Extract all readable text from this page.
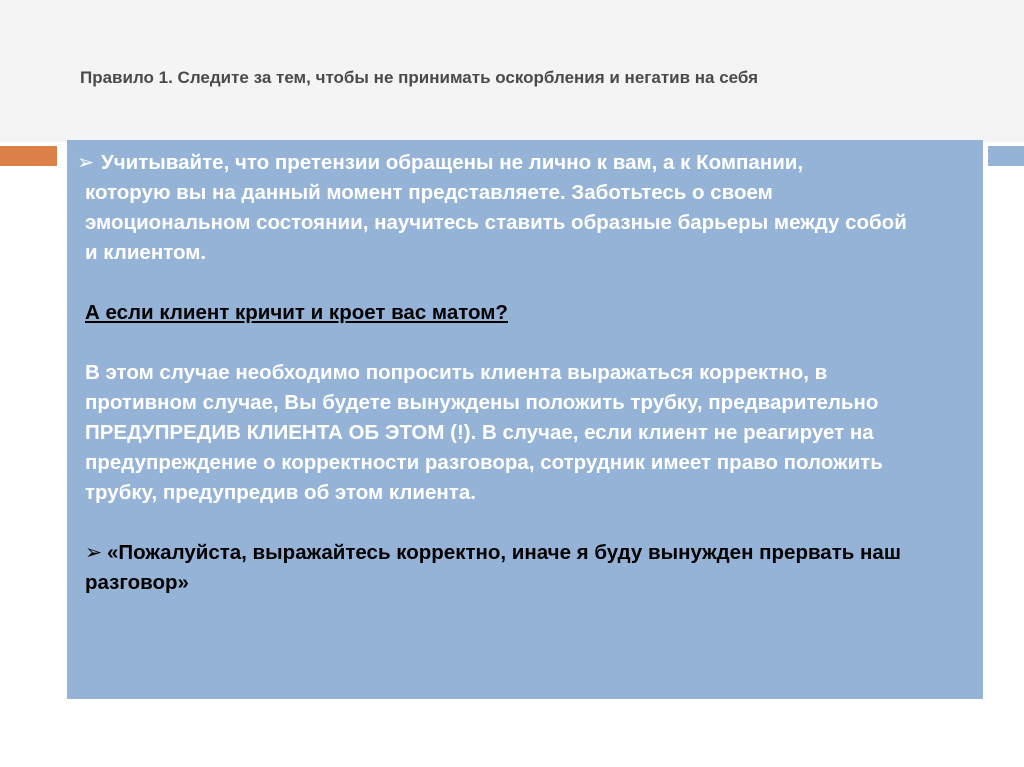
Правило 1. Следите за тем, чтобы не принимать оскорбления и негатив на себя

➢ Учитывайте, что претензии обращены не лично к вам, а к Компании,

которую вы на данный момент представляете. Заботьтесь о своем

эмоциональном состоянии, научитесь ставить образные барьеры между собой

и клиентом.

А если клиент кричит и кроет вас матом?

В этом случае необходимо попросить клиента выражаться корректно, в

противном случае, Вы будете вынуждены положить трубку, предварительно

ПРЕДУПРЕДИВ КЛИЕНТА ОБ ЭТОМ (!). В случае, если клиент не реагирует на

предупреждение о корректности разговора, сотрудник имеет право положить

трубку, предупредив об этом клиента.

➢ «Пожалуйста, выражайтесь корректно, иначе я буду вынужден прервать наш

разговор»
